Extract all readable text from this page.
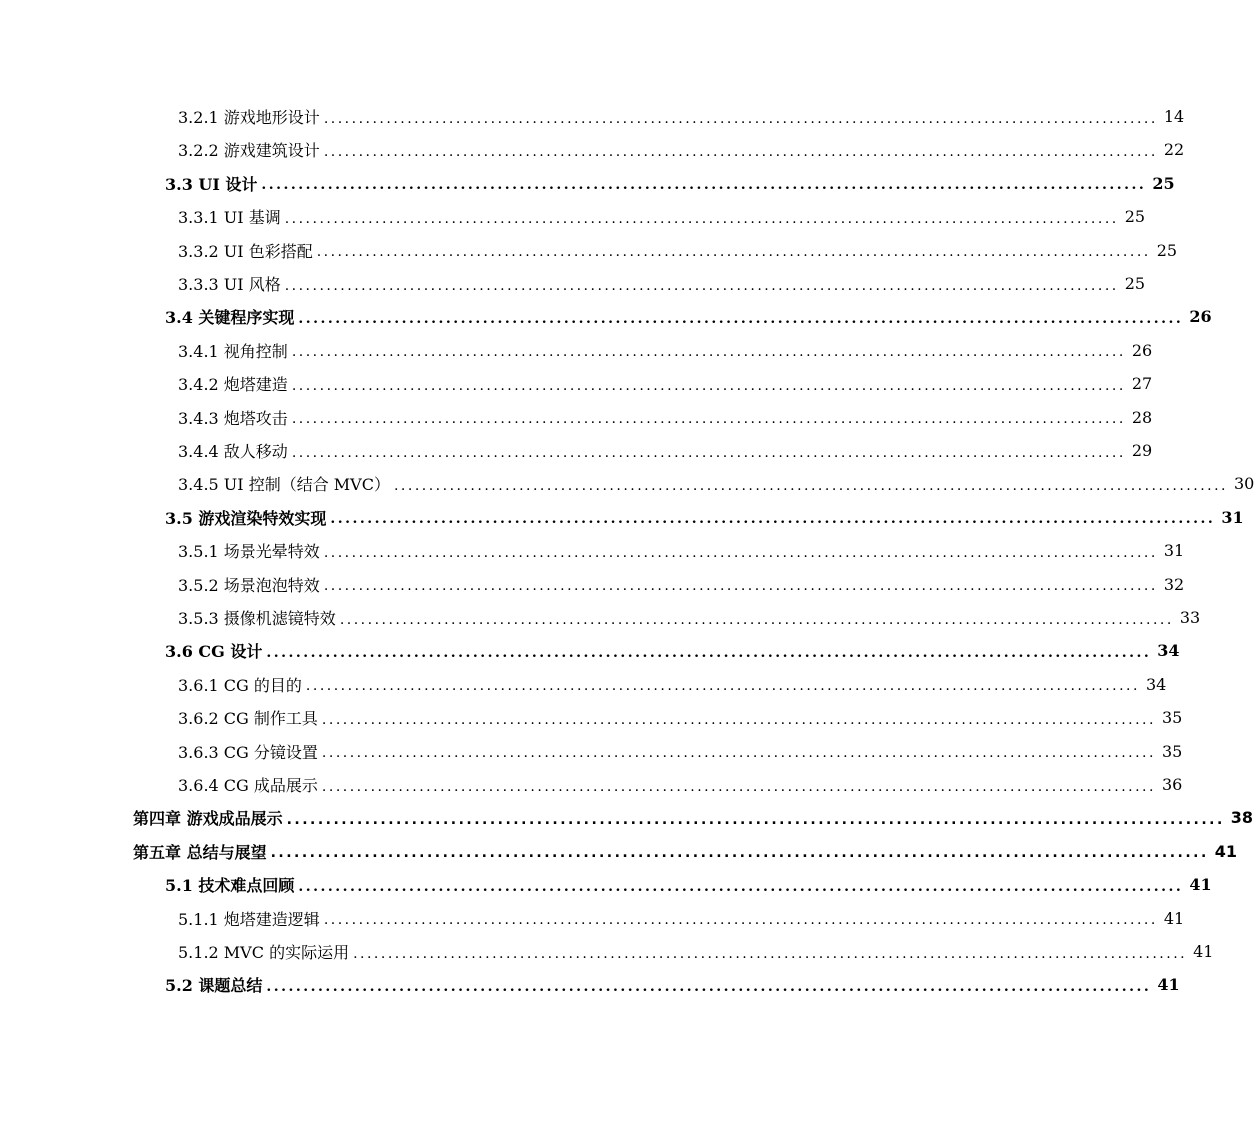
3.2.1 游戏地形设计 ........................................................................................................................ 14
3.2.2 游戏建筑设计 ........................................................................................................................ 22
3.3 UI 设计 ........................................................................................................................ 25
3.3.1 UI 基调 ........................................................................................................................ 25
3.3.2 UI 色彩搭配 ........................................................................................................................ 25
3.3.3 UI 风格 ........................................................................................................................ 25
3.4 关键程序实现 ........................................................................................................................ 26
3.4.1 视角控制 ........................................................................................................................ 26
3.4.2 炮塔建造 ........................................................................................................................ 27
3.4.3 炮塔攻击 ........................................................................................................................ 28
3.4.4 敌人移动 ........................................................................................................................ 29
3.4.5 UI 控制（结合 MVC） ........................................................................................................................ 30
3.5 游戏渲染特效实现 ........................................................................................................................ 31
3.5.1 场景光晕特效 ........................................................................................................................ 31
3.5.2 场景泡泡特效 ........................................................................................................................ 32
3.5.3 摄像机滤镜特效 ........................................................................................................................ 33
3.6 CG 设计 ........................................................................................................................ 34
3.6.1 CG 的目的 ........................................................................................................................ 34
3.6.2 CG 制作工具 ........................................................................................................................ 35
3.6.3 CG 分镜设置 ........................................................................................................................ 35
3.6.4 CG 成品展示 ........................................................................................................................ 36
第四章 游戏成品展示 ........................................................................................................................ 38
第五章 总结与展望 ........................................................................................................................ 41
5.1 技术难点回顾 ........................................................................................................................ 41
5.1.1 炮塔建造逻辑 ........................................................................................................................ 41
5.1.2 MVC 的实际运用 ........................................................................................................................ 41
5.2 课题总结 ........................................................................................................................ 41
